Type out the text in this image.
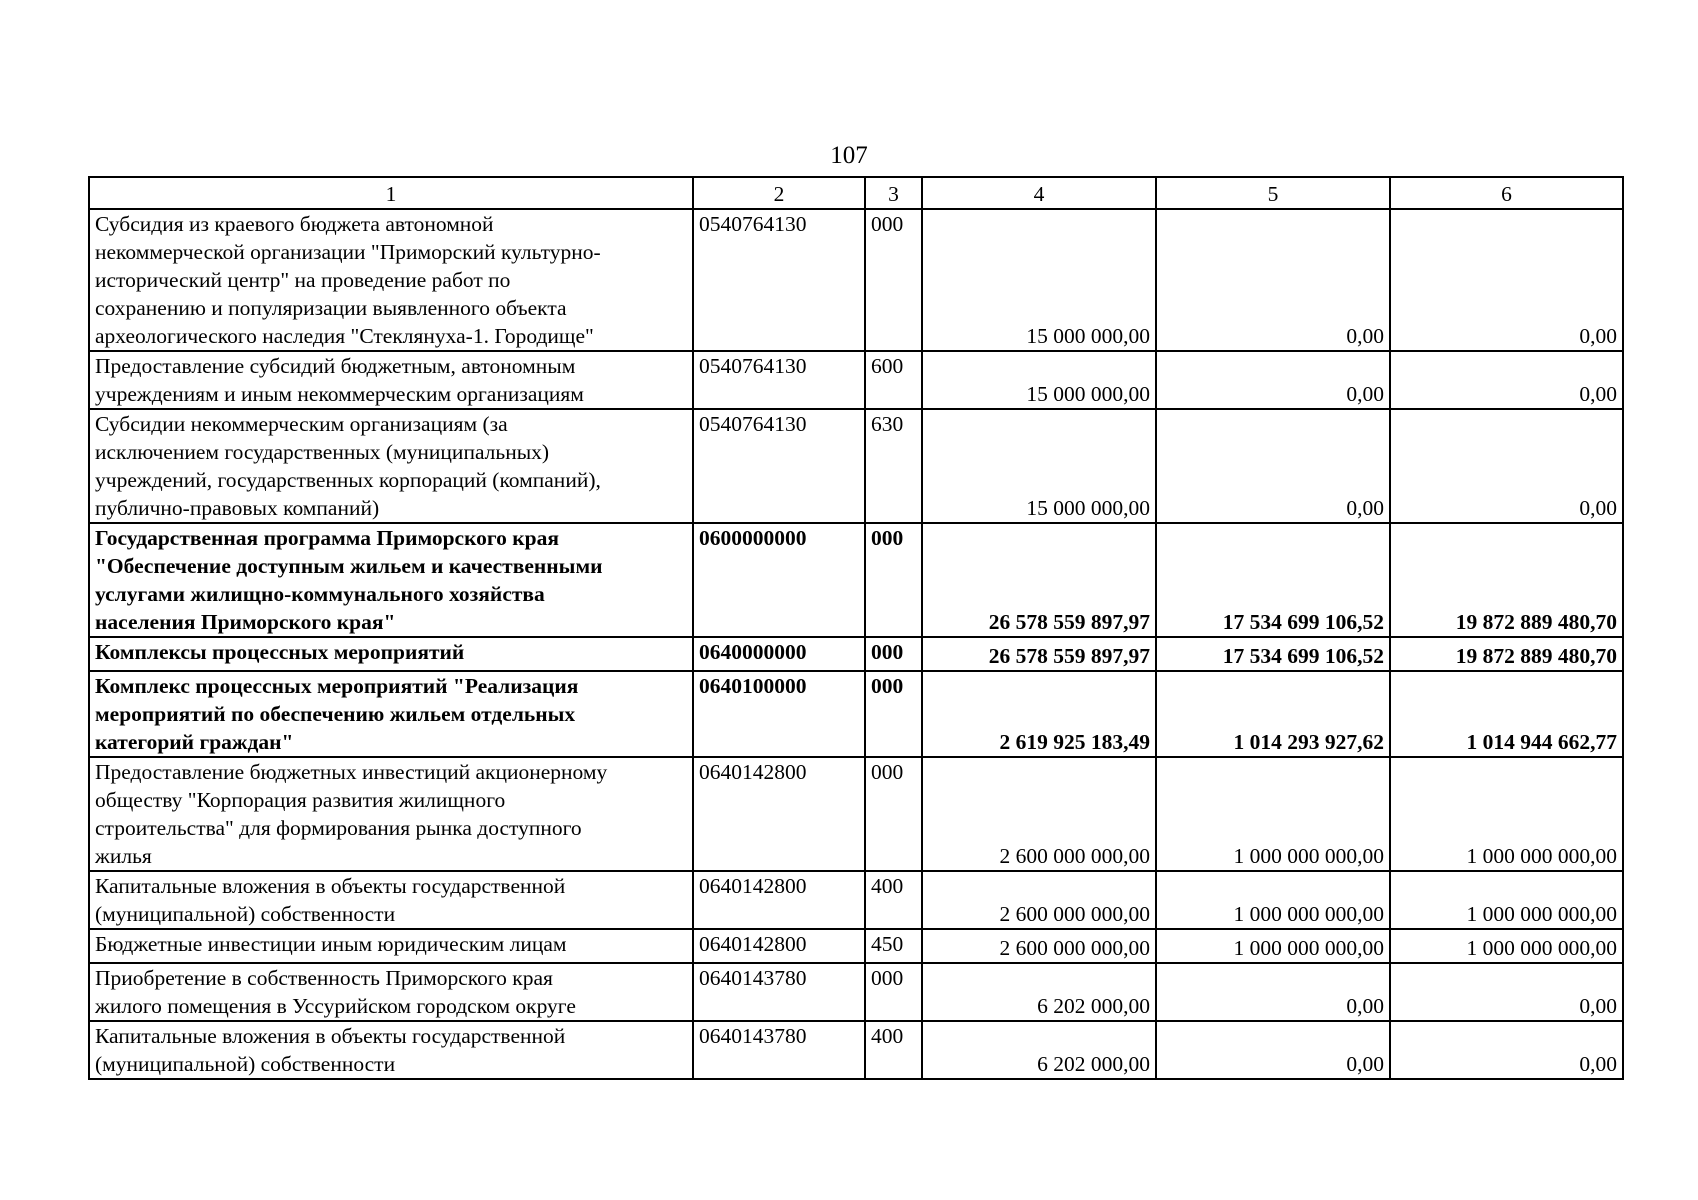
107
1	2	3	4	5	6

Субсидия из краевого бюджета автономной
некоммерческой организации "Приморский культурно-
исторический центр" на проведение работ по
сохранению и популяризации выявленного объекта
археологического наследия "Стеклянуха-1. Городище"	0540764130	000	15 000 000,00	0,00	0,00

Предоставление субсидий бюджетным, автономным
учреждениям и иным некоммерческим организациям	0540764130	600	15 000 000,00	0,00	0,00

Субсидии некоммерческим организациям (за
исключением государственных (муниципальных)
учреждений, государственных корпораций (компаний),
публично-правовых компаний)	0540764130	630	15 000 000,00	0,00	0,00

Государственная программа Приморского края
"Обеспечение доступным жильем и качественными
услугами жилищно-коммунального хозяйства
населения Приморского края"	0600000000	000	26 578 559 897,97	17 534 699 106,52	19 872 889 480,70

Комплексы процессных мероприятий	0640000000	000	26 578 559 897,97	17 534 699 106,52	19 872 889 480,70

Комплекс процессных мероприятий "Реализация
мероприятий по обеспечению жильем отдельных
категорий граждан"	0640100000	000	2 619 925 183,49	1 014 293 927,62	1 014 944 662,77

Предоставление бюджетных инвестиций акционерному
обществу "Корпорация развития жилищного
строительства" для формирования рынка доступного
жилья	0640142800	000	2 600 000 000,00	1 000 000 000,00	1 000 000 000,00

Капитальные вложения в объекты государственной
(муниципальной) собственности	0640142800	400	2 600 000 000,00	1 000 000 000,00	1 000 000 000,00

Бюджетные инвестиции иным юридическим лицам	0640142800	450	2 600 000 000,00	1 000 000 000,00	1 000 000 000,00

Приобретение в собственность Приморского края
жилого помещения в Уссурийском городском округе	0640143780	000	6 202 000,00	0,00	0,00

Капитальные вложения в объекты государственной
(муниципальной) собственности	0640143780	400	6 202 000,00	0,00	0,00
